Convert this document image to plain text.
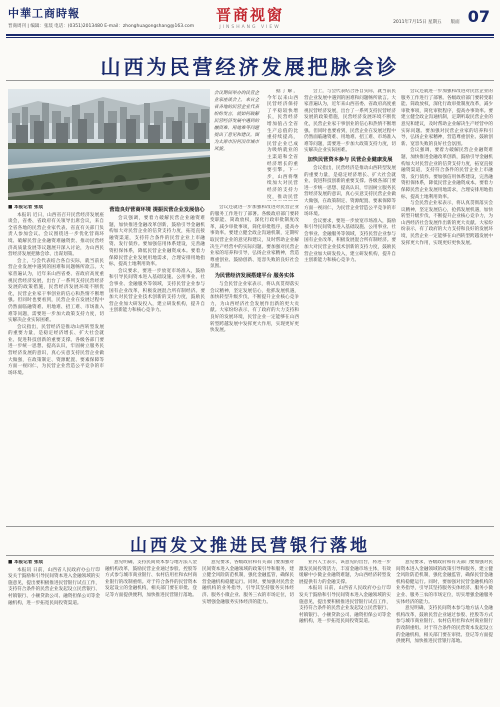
中華工商時報
晋商周刊 | 编辑：张琰 电话：(0351)2013480 E-mail：zhonghuagongshang@163.com
晋商视窗
JINSHANG VIEW
2011年7月15日 星期五 版面 07
山西为民营经济发展把脉会诊
会议期间举办的民营企业家座谈会上，来自全省各地的民营企业代表纷纷发言，就如何破解民营经济发展中遇到的融资难、用地难等问题提出了意见和建议。图为太原市汾河沿岸城市风貌。
■ 本报记者 张琰

本报讯 近日，山西省召开民营经济发展座谈会，省委、省政府有关领导出席会议，来自全省各地的民营企业家代表、省直有关部门负责人参加会议。会议围绕进一步优化营商环境、破解民营企业融资难融资贵、推动民营经济高质量发展等议题展开深入讨论，为山西民营经济发展把脉会诊、出谋划策。

会上，与会代表结合各自实际，就当前民营企业发展中遇到的困难和问题畅所欲言。大家普遍认为，近年来山西省委、省政府高度重视民营经济发展，出台了一系列支持民营经济发展的政策措施，民营经济发展环境不断优化，民营企业家干事创业的信心和热情不断增强。但同时也要看到，民营企业在发展过程中仍然面临融资难、用地难、招工难、市场准入难等问题，需要进一步加大政策支持力度，切实解决企业实际困难。

会议指出，民营经济是推动山西转型发展的重要力量，是稳定经济增长、扩大社会就业、促进科技创新的重要支撑。各级各部门要进一步统一思想、提高认识，牢固树立服务民营经济发展的意识，真心实意支持民营企业做大做强，在政策制定、资源配置、要素保障等方面一视同仁，为民营企业营造公平竞争的市场环境。

营造良好营商环境 提振民营企业发展信心

会议强调，要着力破解民营企业融资难题，加快推进金融改革创新，鼓励引导金融机构加大对民营企业的信贷支持力度，拓宽直接融资渠道，支持符合条件的民营企业上市融资、发行债券。要加强信用体系建设，完善融资担保体系，降低民营企业融资成本。要着力保障民营企业发展用地需求，合理安排用地指标，提高土地利用效率。

会议要求，要进一步放宽市场准入，鼓励和引导民间资本进入基础设施、公用事业、社会事业、金融服务等领域，支持民营企业参与国有企业改革，积极发展混合所有制经济。要加大对民营企业技术创新的支持力度，鼓励民营企业加大研发投入，建立研发机构，提升自主创新能力和核心竞争力。

会议还就进一步加强和改进对民营企业的服务工作进行了部署。各级政府部门要转变职能、简政放权，深化行政审批制度改革，减少审批事项，简化审批程序，提高办事效率。要建立健全政企沟通机制，定期听取民营企业的意见和建议，及时帮助企业解决生产经营中的实际问题。要加强对民营企业家的培养和引导，弘扬企业家精神，营造尊重创业、鼓励创新、宽容失败的良好社会氛围。

为民营经济发展搭建平台 服务实体

与会民营企业家表示，将认真贯彻落实会议精神，坚定发展信心，抢抓发展机遇，加快转型升级步伐，不断提升企业核心竞争力，为山西经济社会发展作出新的更大贡献。大家纷纷表示，有了政府的大力支持和良好的发展环境，民营企业一定能够在山西转型跨越发展中发挥更大作用，实现更好更快发展。

据了解，今年以来山西民营经济保持了平稳较快增长，民营经济增加值占全省生产总值的比重持续提高，民营企业已成为吸纳就业的主渠道和全省经济增长的重要引擎。下一步，山西将继续加大对民营经济的支持力度，推动民营

会上，与会代表结合各自实际，就当前民营企业发展中遇到的困难和问题畅所欲言。大家普遍认为，近年来山西省委、省政府高度重视民营经济发展，出台了一系列支持民营经济发展的政策措施，民营经济发展环境不断优化，民营企业家干事创业的信心和热情不断增强。但同时也要看到，民营企业在发展过程中仍然面临融资难、用地难、招工难、市场准入难等问题，需要进一步加大政策支持力度，切实解决企业实际困难。

加快民营资本参与 民营企业健康发展

会议指出，民营经济是推动山西转型发展的重要力量，是稳定经济增长、扩大社会就业、促进科技创新的重要支撑。各级各部门要进一步统一思想、提高认识，牢固树立服务民营经济发展的意识，真心实意支持民营企业做大做强，在政策制定、资源配置、要素保障等方面一视同仁，为民营企业营造公平竞争的市场环境。

会议要求，要进一步放宽市场准入，鼓励和引导民间资本进入基础设施、公用事业、社会事业、金融服务等领域，支持民营企业参与国有企业改革，积极发展混合所有制经济。要加大对民营企业技术创新的支持力度，鼓励民营企业加大研发投入，建立研发机构，提升自主创新能力和核心竞争力。

会议还就进一步加强和改进对民营企业的服务工作进行了部署。各级政府部门要转变职能、简政放权，深化行政审批制度改革，减少审批事项，简化审批程序，提高办事效率。要建立健全政企沟通机制，定期听取民营企业的意见和建议，及时帮助企业解决生产经营中的实际问题。要加强对民营企业家的培养和引导，弘扬企业家精神，营造尊重创业、鼓励创新、宽容失败的良好社会氛围。

会议强调，要着力破解民营企业融资难题，加快推进金融改革创新，鼓励引导金融机构加大对民营企业的信贷支持力度，拓宽直接融资渠道，支持符合条件的民营企业上市融资、发行债券。要加强信用体系建设，完善融资担保体系，降低民营企业融资成本。要着力保障民营企业发展用地需求，合理安排用地指标，提高土地利用效率。

与会民营企业家表示，将认真贯彻落实会议精神，坚定发展信心，抢抓发展机遇，加快转型升级步伐，不断提升企业核心竞争力，为山西经济社会发展作出新的更大贡献。大家纷纷表示，有了政府的大力支持和良好的发展环境，民营企业一定能够在山西转型跨越发展中发挥更大作用，实现更好更快发展。

山西发文推进民营银行落地
■ 本报记者 张琰

本报讯 日前，山西省人民政府办公厅印发关于鼓励和引导民间资本进入金融领域的实施意见，提出要积极推进民营银行试点工作，支持符合条件的民营企业发起设立民营银行、村镇银行、小额贷款公司、融资担保公司等金融机构，进一步拓宽民间投资渠道。

意见明确，支持民间资本参与地方法人金融机构改革，鼓励民营企业通过参股、控股等方式参与城市商业银行、农村信用社和农村商业银行的改制重组。对于符合条件的民营资本发起设立的金融机构，相关部门要在审批、登记等方面提供便利，加快推进民营银行落地。

意见要求，各级政府和有关部门要加强对民间资本进入金融领域的政策引导和服务，建立健全风险防范机制，强化金融监管，确保民营金融机构稳健运行。同时，要加强对民营金融机构的业务指导，引导其坚持服务实体经济、服务小微企业、服务三农的市场定位，切实增强金融服务实体经济的能力。

业内人士表示，该意见的出台，将进一步激发民间投资活力，丰富金融市场主体，有效缓解中小微企业融资难题，为山西经济转型发展提供有力的金融支撑。

本报讯 日前，山西省人民政府办公厅印发关于鼓励和引导民间资本进入金融领域的实施意见，提出要积极推进民营银行试点工作，支持符合条件的民营企业发起设立民营银行、村镇银行、小额贷款公司、融资担保公司等金融机构，进一步拓宽民间投资渠道。

意见要求，各级政府和有关部门要加强对民间资本进入金融领域的政策引导和服务，建立健全风险防范机制，强化金融监管，确保民营金融机构稳健运行。同时，要加强对民营金融机构的业务指导，引导其坚持服务实体经济、服务小微企业、服务三农的市场定位，切实增强金融服务实体经济的能力。

意见明确，支持民间资本参与地方法人金融机构改革，鼓励民营企业通过参股、控股等方式参与城市商业银行、农村信用社和农村商业银行的改制重组。对于符合条件的民营资本发起设立的金融机构，相关部门要在审批、登记等方面提供便利，加快推进民营银行落地。
